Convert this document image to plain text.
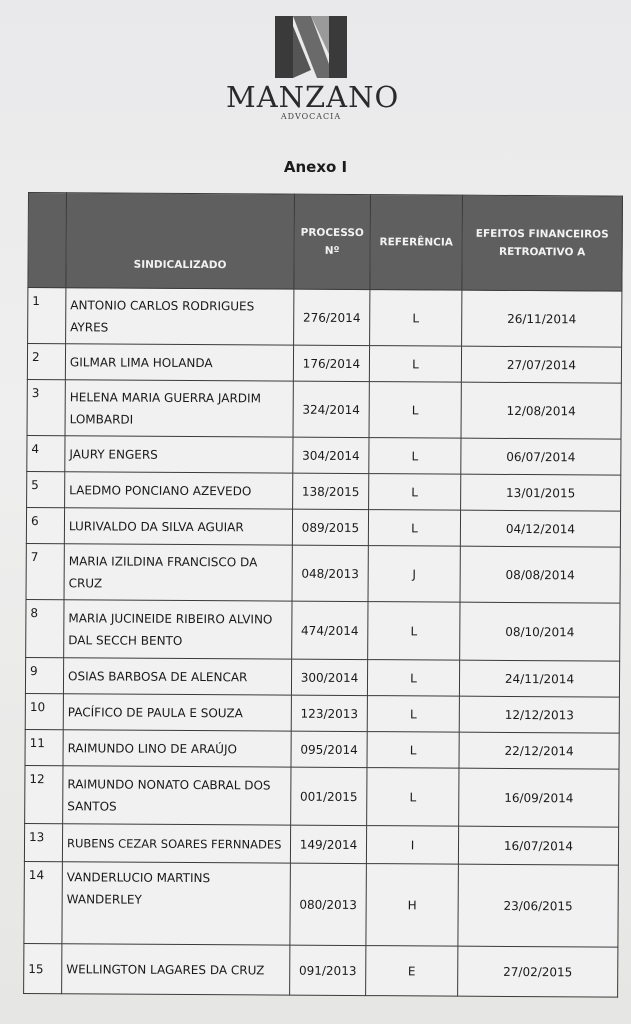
MANZANO
ADVOCACIA
Anexo I
	SINDICALIZADO	PROCESSO Nº	REFERÊNCIA	EFEITOS FINANCEIROS RETROATIVO A
1	ANTONIO CARLOS RODRIGUES AYRES	276/2014	L	26/11/2014
2	GILMAR LIMA HOLANDA	176/2014	L	27/07/2014
3	HELENA MARIA GUERRA JARDIM LOMBARDI	324/2014	L	12/08/2014
4	JAURY ENGERS	304/2014	L	06/07/2014
5	LAEDMO PONCIANO AZEVEDO	138/2015	L	13/01/2015
6	LURIVALDO DA SILVA AGUIAR	089/2015	L	04/12/2014
7	MARIA IZILDINA FRANCISCO DA CRUZ	048/2013	J	08/08/2014
8	MARIA JUCINEIDE RIBEIRO ALVINO DAL SECCH BENTO	474/2014	L	08/10/2014
9	OSIAS BARBOSA DE ALENCAR	300/2014	L	24/11/2014
10	PACÍFICO DE PAULA E SOUZA	123/2013	L	12/12/2013
11	RAIMUNDO LINO DE ARAÚJO	095/2014	L	22/12/2014
12	RAIMUNDO NONATO CABRAL DOS SANTOS	001/2015	L	16/09/2014
13	RUBENS CEZAR SOARES FERNNADES	149/2014	I	16/07/2014
14	VANDERLUCIO MARTINS WANDERLEY	080/2013	H	23/06/2015
15	WELLINGTON LAGARES DA CRUZ	091/2013	E	27/02/2015
